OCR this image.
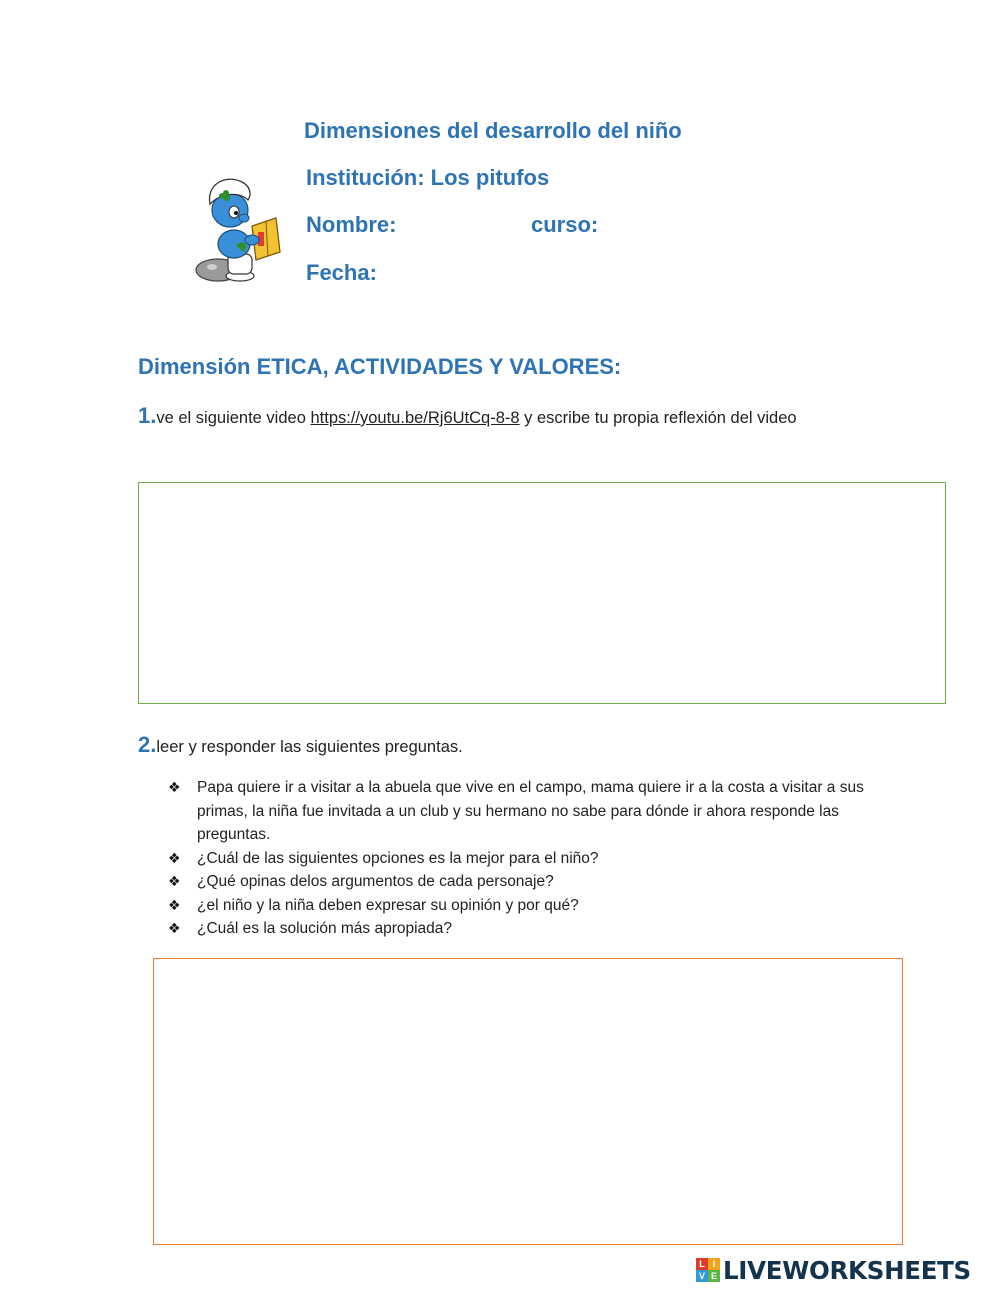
Dimensiones del desarrollo del niño
Institución: Los pitufos
Nombre:	curso:
Fecha:
Dimensión ETICA, ACTIVIDADES Y VALORES:
1.ve el siguiente video https://youtu.be/Rj6UtCq-8-8 y escribe tu propia reflexión del video
2.leer y responder las siguientes preguntas.
❖ Papa quiere ir a visitar a la abuela que vive en el campo, mama quiere ir a la costa a visitar a sus primas, la niña fue invitada a un club y su hermano no sabe para dónde ir ahora responde las preguntas.
❖ ¿Cuál de las siguientes opciones es la mejor para el niño?
❖ ¿Qué opinas delos argumentos de cada personaje?
❖ ¿el niño y la niña deben expresar su opinión y por qué?
❖ ¿Cuál es la solución más apropiada?
L I
V E LIVEWORKSHEETS
